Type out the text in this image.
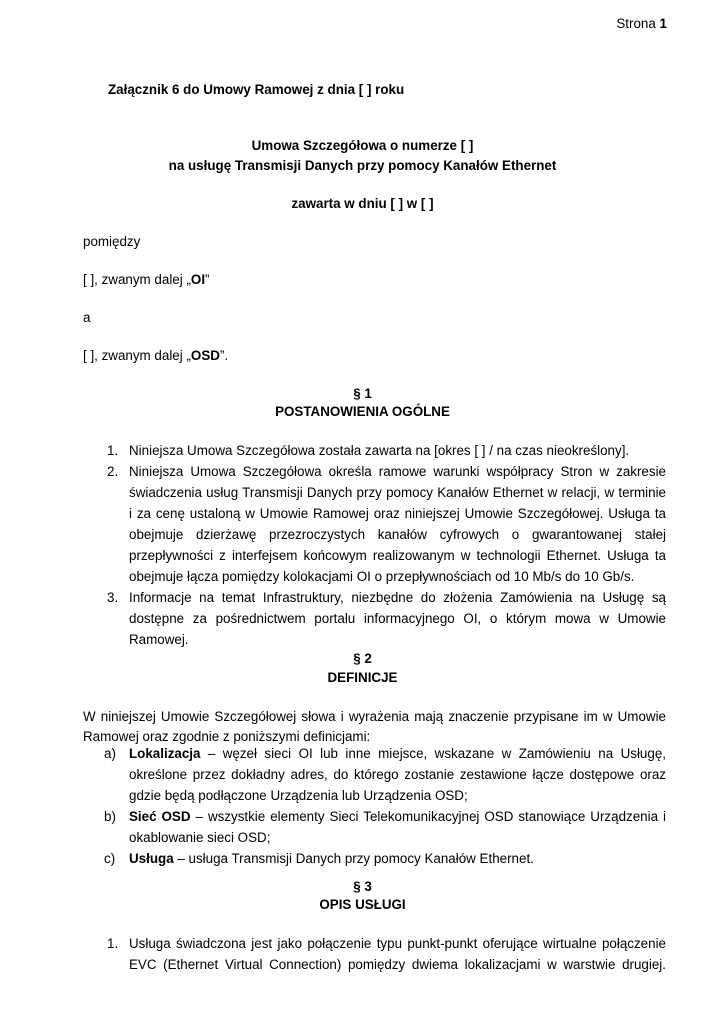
Strona 1
Załącznik 6 do Umowy Ramowej z dnia [ ] roku
Umowa Szczegółowa o numerze [ ]
na usługę Transmisji Danych przy pomocy Kanałów Ethernet
zawarta w dniu [ ] w [ ]
pomiędzy
[ ], zwanym dalej „OI”
a
[ ], zwanym dalej „OSD”.
§ 1
POSTANOWIENIA OGÓLNE
1. Niniejsza Umowa Szczegółowa została zawarta na [okres [ ] / na czas nieokreślony].
2. Niniejsza Umowa Szczegółowa określa ramowe warunki współpracy Stron w zakresie świadczenia usług Transmisji Danych przy pomocy Kanałów Ethernet w relacji, w terminie i za cenę ustaloną w Umowie Ramowej oraz niniejszej Umowie Szczegółowej. Usługa ta obejmuje dzierżawę przezroczystych kanałów cyfrowych o gwarantowanej stałej przepływności z interfejsem końcowym realizowanym w technologii Ethernet. Usługa ta obejmuje łącza pomiędzy kolokacjami OI o przepływnościach od 10 Mb/s do 10 Gb/s.
3. Informacje na temat Infrastruktury, niezbędne do złożenia Zamówienia na Usługę są dostępne za pośrednictwem portalu informacyjnego OI, o którym mowa w Umowie Ramowej.
§ 2
DEFINICJE
W niniejszej Umowie Szczegółowej słowa i wyrażenia mają znaczenie przypisane im w Umowie Ramowej oraz zgodnie z poniższymi definicjami:
a) Lokalizacja – węzeł sieci OI lub inne miejsce, wskazane w Zamówieniu na Usługę, określone przez dokładny adres, do którego zostanie zestawione łącze dostępowe oraz gdzie będą podłączone Urządzenia lub Urządzenia OSD;
b) Sieć OSD – wszystkie elementy Sieci Telekomunikacyjnej OSD stanowiące Urządzenia i okablowanie sieci OSD;
c) Usługa – usługa Transmisji Danych przy pomocy Kanałów Ethernet.
§ 3
OPIS USŁUGI
1. Usługa świadczona jest jako połączenie typu punkt-punkt oferujące wirtualne połączenie EVC (Ethernet Virtual Connection) pomiędzy dwiema lokalizacjami w warstwie drugiej.
